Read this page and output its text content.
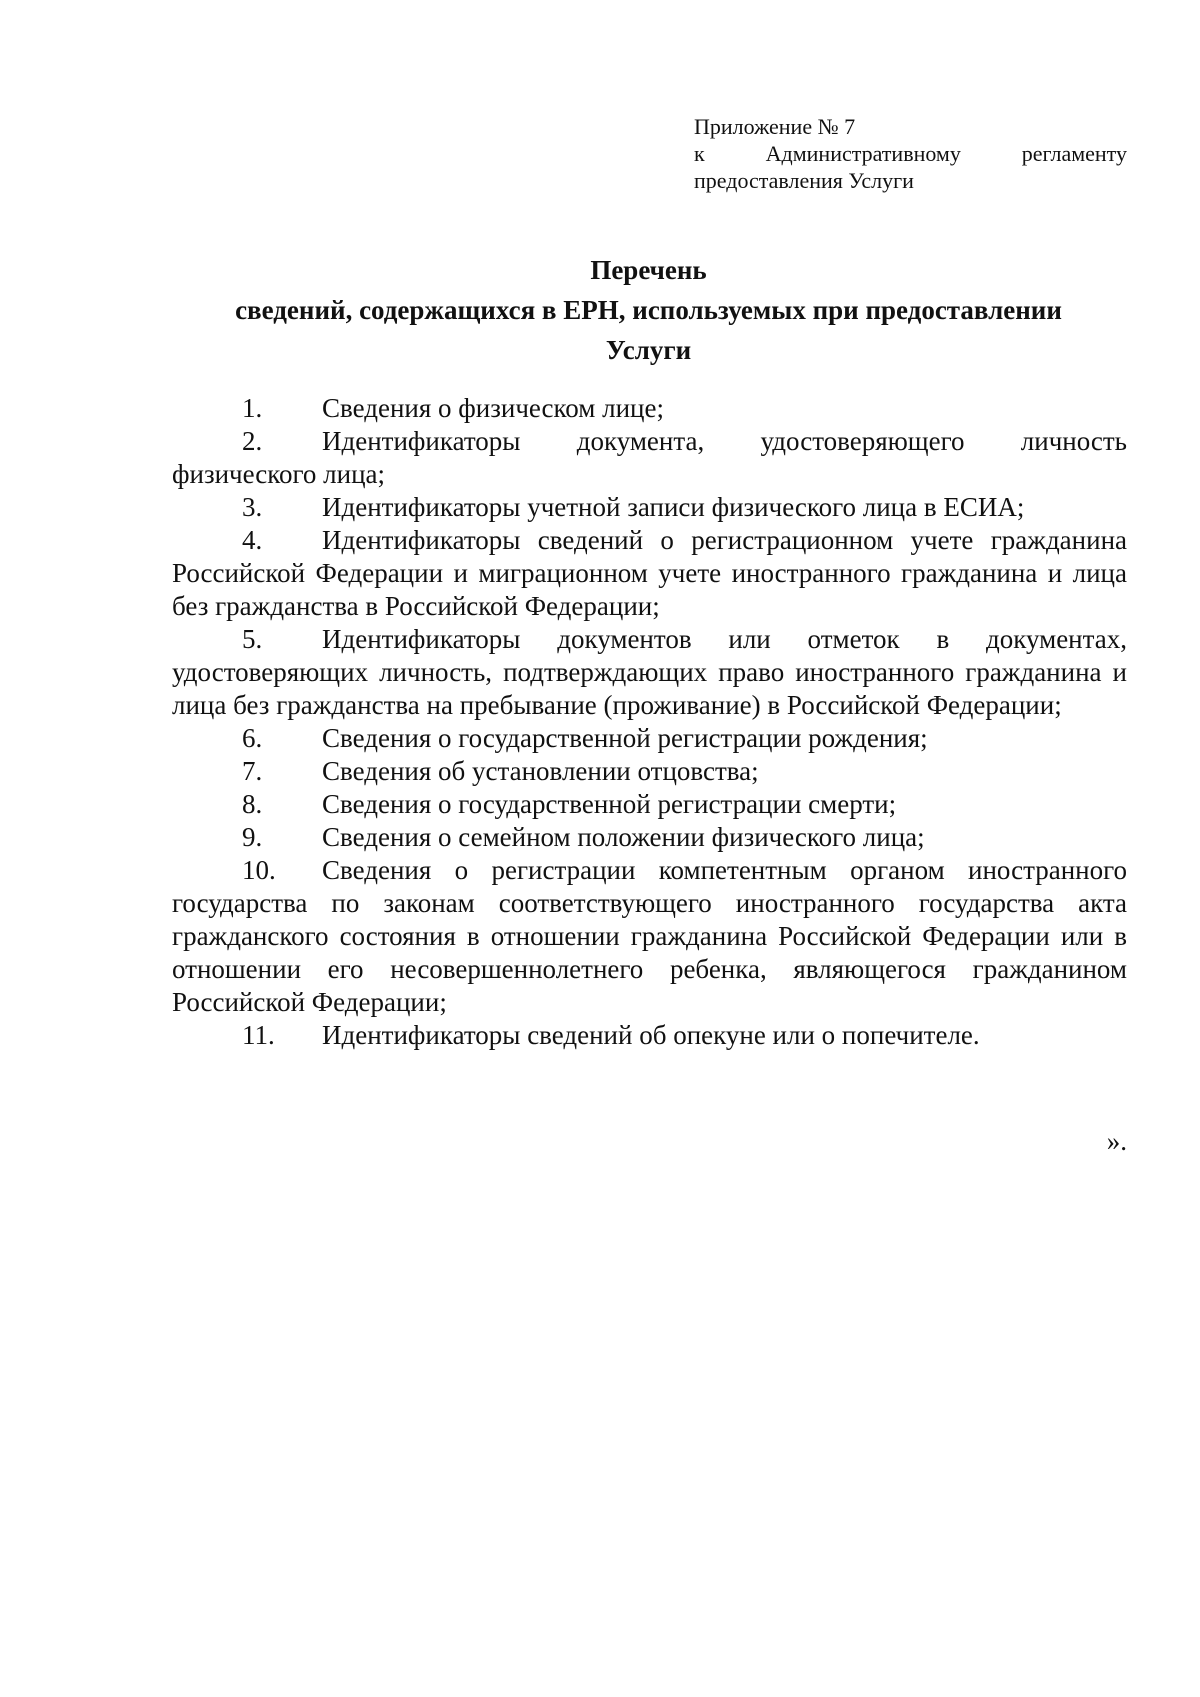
Приложение № 7
к	Административному	регламенту
предоставления Услуги
Перечень
сведений, содержащихся в ЕРН, используемых при предоставлении
Услуги

1. Сведения о физическом лице;

2. Идентификаторы документа, удостоверяющего личность физического лица;

3. Идентификаторы учетной записи физического лица в ЕСИА;

4. Идентификаторы сведений о регистрационном учете гражданина Российской Федерации и миграционном учете иностранного гражданина и лица без гражданства в Российской Федерации;

5. Идентификаторы документов или отметок в документах, удостоверяющих личность, подтверждающих право иностранного гражданина и лица без гражданства на пребывание (проживание) в Российской Федерации;

6. Сведения о государственной регистрации рождения;

7. Сведения об установлении отцовства;

8. Сведения о государственной регистрации смерти;

9. Сведения о семейном положении физического лица;

10. Сведения о регистрации компетентным органом иностранного государства по законам соответствующего иностранного государства акта гражданского состояния в отношении гражданина Российской Федерации или в отношении его несовершеннолетнего ребенка, являющегося гражданином Российской Федерации;

11. Идентификаторы сведений об опекуне или о попечителе.

».
